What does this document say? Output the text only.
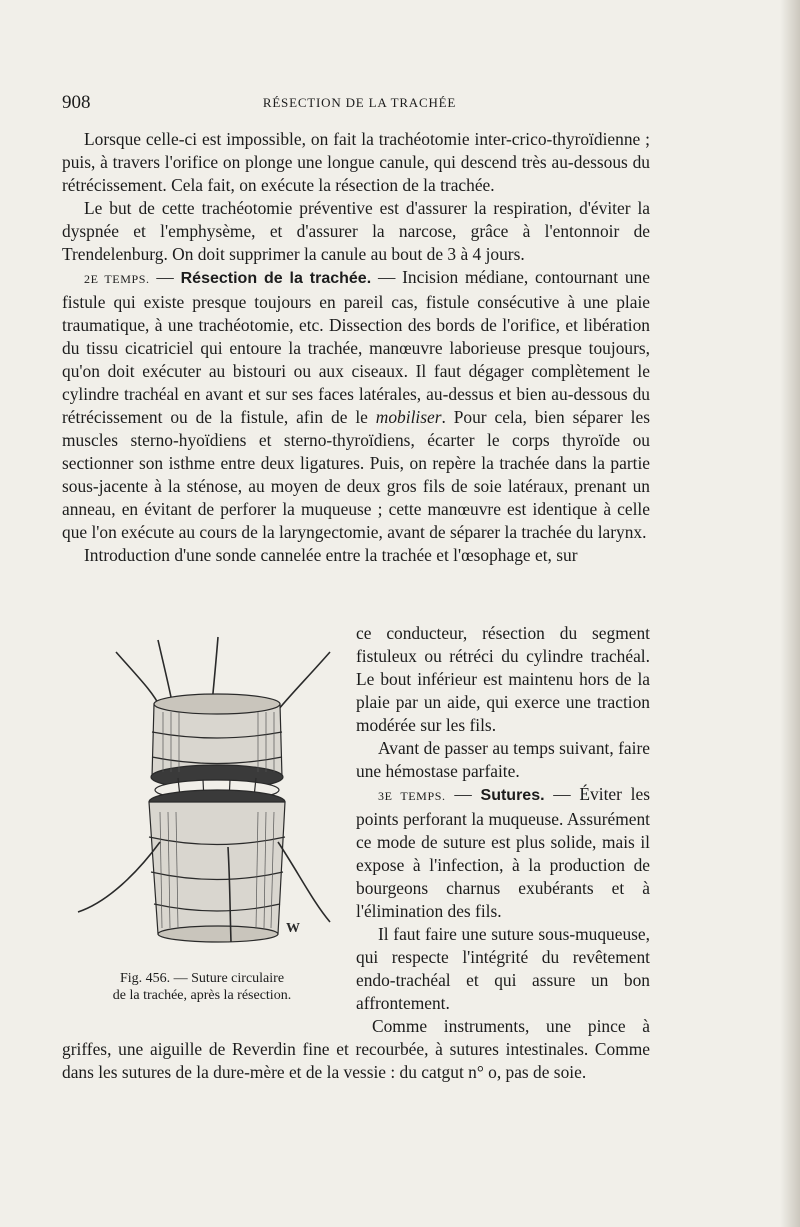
908	RÉSECTION DE LA TRACHÉE

Lorsque celle-ci est impossible, on fait la trachéotomie inter-crico-thyroïdienne ; puis, à travers l'orifice on plonge une longue canule, qui descend très au-dessous du rétrécissement. Cela fait, on exécute la résection de la trachée.

Le but de cette trachéotomie préventive est d'assurer la respiration, d'éviter la dyspnée et l'emphysème, et d'assurer la narcose, grâce à l'entonnoir de Trendelenburg. On doit supprimer la canule au bout de 3 à 4 jours.

2E TEMPS. — Résection de la trachée. — Incision médiane, contournant une fistule qui existe presque toujours en pareil cas, fistule consécutive à une plaie traumatique, à une trachéotomie, etc. Dissection des bords de l'orifice, et libération du tissu cicatriciel qui entoure la trachée, manœuvre laborieuse presque toujours, qu'on doit exécuter au bistouri ou aux ciseaux. Il faut dégager complètement le cylindre trachéal en avant et sur ses faces latérales, au-dessus et bien au-dessous du rétrécissement ou de la fistule, afin de le mobiliser. Pour cela, bien séparer les muscles sterno-hyoïdiens et sterno-thyroïdiens, écarter le corps thyroïde ou sectionner son isthme entre deux ligatures. Puis, on repère la trachée dans la partie sous-jacente à la sténose, au moyen de deux gros fils de soie latéraux, prenant un anneau, en évitant de perforer la muqueuse ; cette manœuvre est identique à celle que l'on exécute au cours de la laryngectomie, avant de séparer la trachée du larynx.

Introduction d'une sonde cannelée entre la trachée et l'œsophage et, sur

W

ce conducteur, résection du segment fistuleux ou rétréci du cylindre trachéal. Le bout inférieur est maintenu hors de la plaie par un aide, qui exerce une traction modérée sur les fils.

Avant de passer au temps suivant, faire une hémostase parfaite.

3E TEMPS. — Sutures. — Éviter les points perforant la muqueuse. Assurément ce mode de suture est plus solide, mais il expose à l'infection, à la production de bourgeons charnus exubérants et à l'élimination des fils.

Il faut faire une suture sous-muqueuse, qui respecte l'intégrité du revêtement endo-trachéal et qui assure un bon affrontement.

Fig. 456. — Suture circulaire
de la trachée, après la résection.

Comme instruments, une pince à griffes, une aiguille de Reverdin fine et recourbée, à sutures intestinales. Comme dans les sutures de la dure-mère et de la vessie : du catgut n° o, pas de soie.
